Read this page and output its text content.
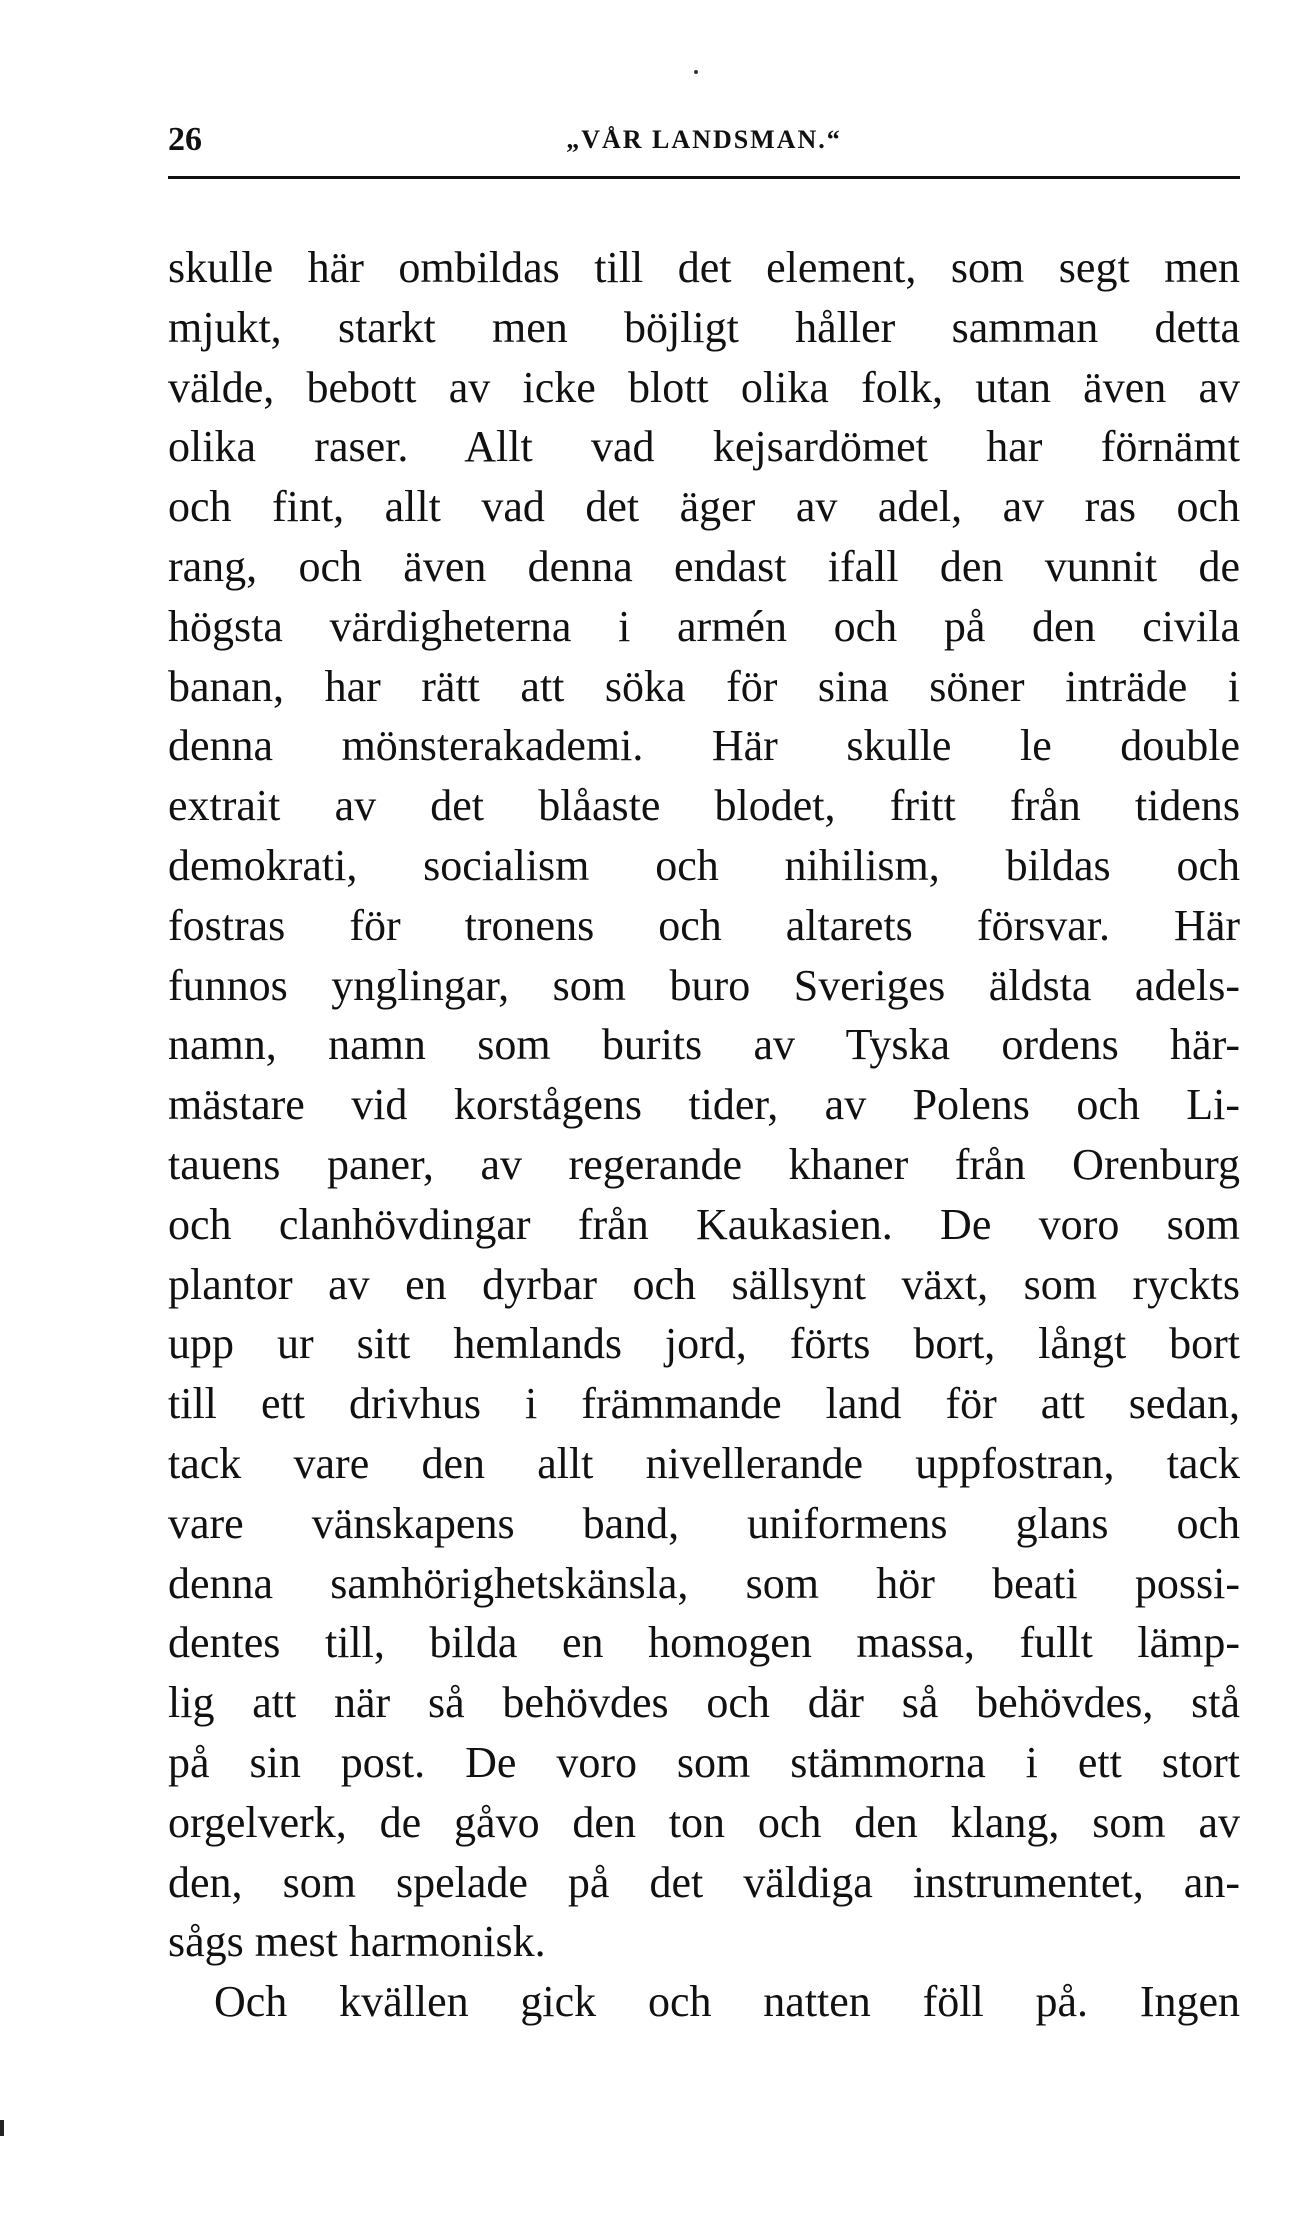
26	„VÅR LANDSMAN.“
skulle här ombildas till det element, som segt men
mjukt, starkt men böjligt håller samman detta
välde, bebott av icke blott olika folk, utan även av
olika raser. Allt vad kejsardömet har förnämt
och fint, allt vad det äger av adel, av ras och
rang, och även denna endast ifall den vunnit de
högsta värdigheterna i armén och på den civila
banan, har rätt att söka för sina söner inträde i
denna mönsterakademi. Här skulle le double
extrait av det blåaste blodet, fritt från tidens
demokrati, socialism och nihilism, bildas och
fostras för tronens och altarets försvar. Här
funnos ynglingar, som buro Sveriges äldsta adels-
namn, namn som burits av Tyska ordens här-
mästare vid korstågens tider, av Polens och Li-
tauens paner, av regerande khaner från Orenburg
och clanhövdingar från Kaukasien. De voro som
plantor av en dyrbar och sällsynt växt, som ryckts
upp ur sitt hemlands jord, förts bort, långt bort
till ett drivhus i främmande land för att sedan,
tack vare den allt nivellerande uppfostran, tack
vare vänskapens band, uniformens glans och
denna samhörighetskänsla, som hör beati possi-
dentes till, bilda en homogen massa, fullt lämp-
lig att när så behövdes och där så behövdes, stå
på sin post. De voro som stämmorna i ett stort
orgelverk, de gåvo den ton och den klang, som av
den, som spelade på det väldiga instrumentet, an-
sågs mest harmonisk.
Och kvällen gick och natten föll på. Ingen
